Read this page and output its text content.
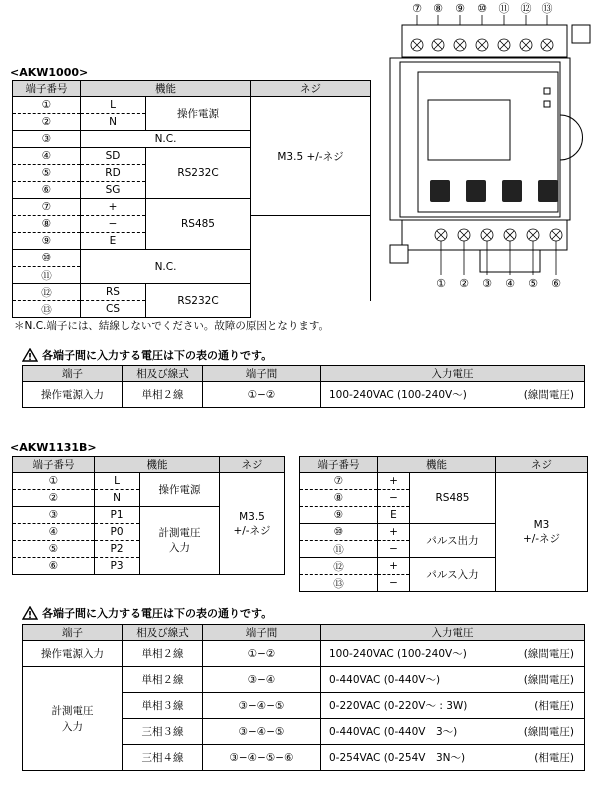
⑦ ⑧ ⑨ ⑩ ⑪ ⑫ ⑬
① ② ③ ④ ⑤ ⑥
<AKW1000>
端子番号	機能		ネジ	
①	L	操作電源	M3.5 +/-ネジ	
②	N			
③	N.C.			
④	SD	RS232C		
⑤	RD			
⑥	SG			
⑦	+	RS485	
⑧	−			
⑨	E			
⑩	N.C.			
⑪				
⑫	RS	RS232C		
⑬	CS			
＊N.C.端子には、結線しないでください。故障の原因となります。
各端子間に入力する電圧は下の表の通りです。
端子	相及び線式	端子間	入力電圧
操作電源入力	単相２線	①−②	100-240VAC (100-240V〜) (線間電圧)
<AKW1131B>
端子番号	機能		ネジ
①	L	操作電源	M3.5
+/-ネジ
②	N		
③	P1	計測電圧
入力	
④	P0		
⑤	P2		
⑥	P3		
端子番号	機能		ネジ
⑦	+	RS485	M3
+/-ネジ
⑧	−		
⑨	E		
⑩	+	パルス出力	
⑪	−		
⑫	+	パルス入力	
⑬	−		
各端子間に入力する電圧は下の表の通りです。
端子	相及び線式	端子間	入力電圧
操作電源入力	単相２線	①−②	100-240VAC (100-240V〜) (線間電圧)

計測電圧
入力	単相２線	③−④	0-440VAC (0-440V〜) (線間電圧)

	単相３線	③−④−⑤	0-220VAC (0-220V〜 : 3W) (相電圧)

	三相３線	③−④−⑤	0-440VAC (0-440V　3〜) (線間電圧)

	三相４線	③−④−⑤−⑥	0-254VAC (0-254V　3N〜) (相電圧)
